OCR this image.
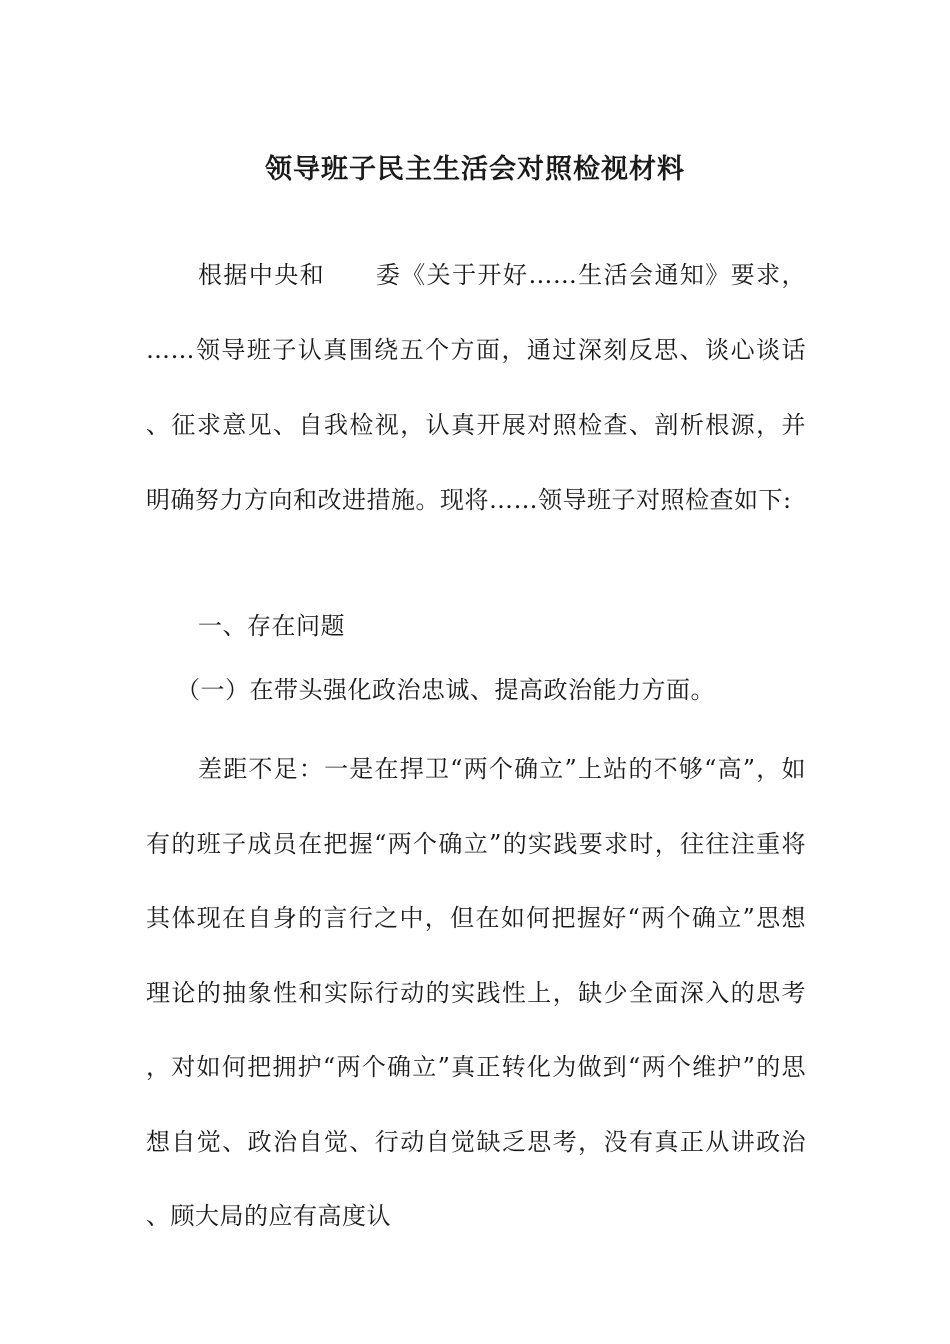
领导班子民主生活会对照检视材料

根据中央和　　委《关于开好……生活会通知》要求，……领导班子认真围绕五个方面，通过深刻反思、谈心谈话、征求意见、自我检视，认真开展对照检查、剖析根源，并明确努力方向和改进措施。现将……领导班子对照检查如下:

一、存在问题

（一）在带头强化政治忠诚、提高政治能力方面。

差距不足：一是在捍卫“两个确立”上站的不够“高”，如有的班子成员在把握“两个确立”的实践要求时，往往注重将其体现在自身的言行之中，但在如何把握好“两个确立”思想理论的抽象性和实际行动的实践性上，缺少全面深入的思考，对如何把拥护“两个确立”真正转化为做到“两个维护”的思想自觉、政治自觉、行动自觉缺乏思考，没有真正从讲政治、顾大局的应有高度认
